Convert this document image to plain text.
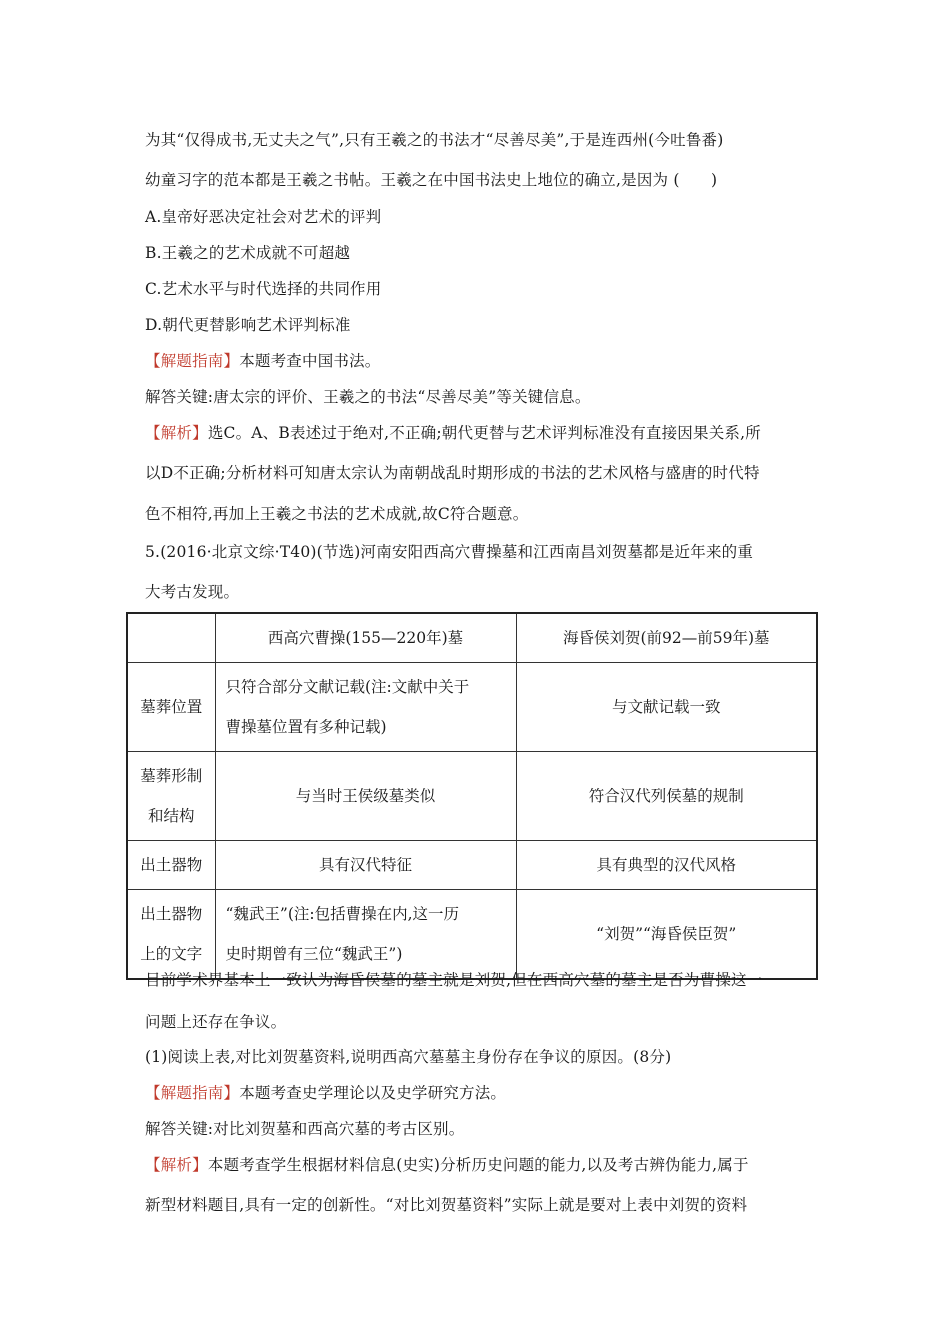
为其“仅得成书,无丈夫之气”,只有王羲之的书法才“尽善尽美”,于是连西州(今吐鲁番)
幼童习字的范本都是王羲之书帖。王羲之在中国书法史上地位的确立,是因为 (　　)
A.皇帝好恶决定社会对艺术的评判
B.王羲之的艺术成就不可超越
C.艺术水平与时代选择的共同作用
D.朝代更替影响艺术评判标准
【解题指南】本题考查中国书法。
解答关键:唐太宗的评价、王羲之的书法“尽善尽美”等关键信息。
【解析】选C。A、B表述过于绝对,不正确;朝代更替与艺术评判标准没有直接因果关系,所
以D不正确;分析材料可知唐太宗认为南朝战乱时期形成的书法的艺术风格与盛唐的时代特
色不相符,再加上王羲之书法的艺术成就,故C符合题意。
5.(2016·北京文综·T40)(节选)河南安阳西高穴曹操墓和江西南昌刘贺墓都是近年来的重
大考古发现。
	西高穴曹操(155—220年)墓	海昏侯刘贺(前92—前59年)墓
墓葬位置	只符合部分文献记载(注:文献中关于
曹操墓位置有多种记载)	与文献记载一致
墓葬形制
和结构	与当时王侯级墓类似	符合汉代列侯墓的规制
出土器物	具有汉代特征	具有典型的汉代风格
出土器物
上的文字	“魏武王”(注:包括曹操在内,这一历
史时期曾有三位“魏武王”)	“刘贺”“海昏侯臣贺”
目前学术界基本上一致认为海昏侯墓的墓主就是刘贺,但在西高穴墓的墓主是否为曹操这一
问题上还存在争议。
(1)阅读上表,对比刘贺墓资料,说明西高穴墓墓主身份存在争议的原因。(8分)
【解题指南】本题考查史学理论以及史学研究方法。
解答关键:对比刘贺墓和西高穴墓的考古区别。
【解析】本题考查学生根据材料信息(史实)分析历史问题的能力,以及考古辨伪能力,属于
新型材料题目,具有一定的创新性。“对比刘贺墓资料”实际上就是要对上表中刘贺的资料
